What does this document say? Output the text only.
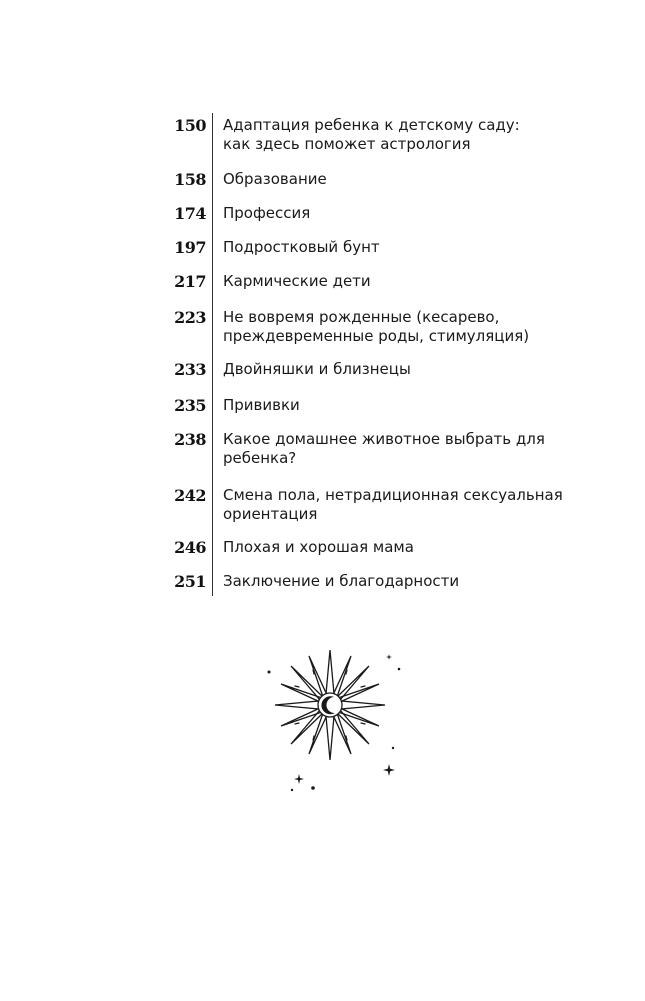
150 Адаптация ребенка к детскому саду:
как здесь поможет астрология
158 Образование
174 Профессия
197 Подростковый бунт
217 Кармические дети
223 Не вовремя рожденные (кесарево,
преждевременные роды, стимуляция)
233 Двойняшки и близнецы
235 Прививки
238 Какое домашнее животное выбрать для
ребенка?
242 Смена пола, нетрадиционная сексуальная
ориентация
246 Плохая и хорошая мама
251 Заключение и благодарности
